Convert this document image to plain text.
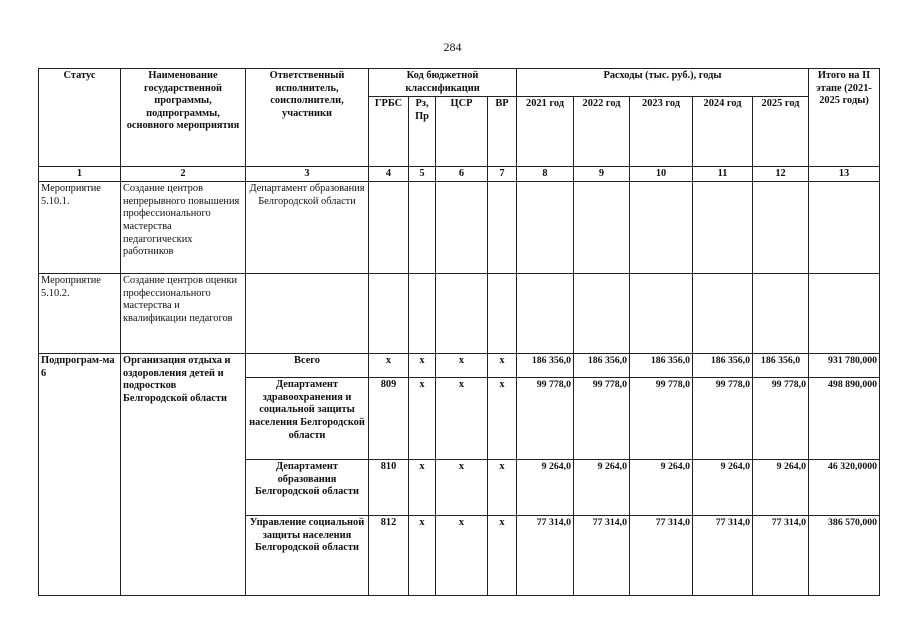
284
Статус	Наименование государственной программы, подпрограммы, основного мероприятия	Ответственный исполнитель, соисполнители, участники	Код бюджетной классификации				Расходы (тыс. руб.), годы					Итого на II этапе (2021-2025 годы)
			ГРБС	Рз, Пр	ЦСР	ВР	2021 год	2022 год	2023 год	2024 год	2025 год	
1	2	3	4	5	6	7	8	9	10	11	12	13
Мероприятие 5.10.1.	Создание центров непрерывного повышения профессионального мастерства педагогических работников	Департамент образования Белгородской области										
Мероприятие 5.10.2.	Создание центров оценки профессионального мастерства и квалификации педагогов											
Подпрограм-ма 6	Организация отдыха и оздоровления детей и подростков Белгородской области	Всего	х	х	х	х	186 356,0	186 356,0	186 356,0	186 356,0	186 356,0	931 780,000
		Департамент здравоохранения и социальной защиты населения Белгородской области	809	х	х	х	99 778,0	99 778,0	99 778,0	99 778,0	99 778,0	498 890,000
		Департамент образования Белгородской области	810	х	х	х	9 264,0	9 264,0	9 264,0	9 264,0	9 264,0	46 320,0000
		Управление социальной защиты населения Белгородской области	812	х	х	х	77 314,0	77 314,0	77 314,0	77 314,0	77 314,0	386 570,000
